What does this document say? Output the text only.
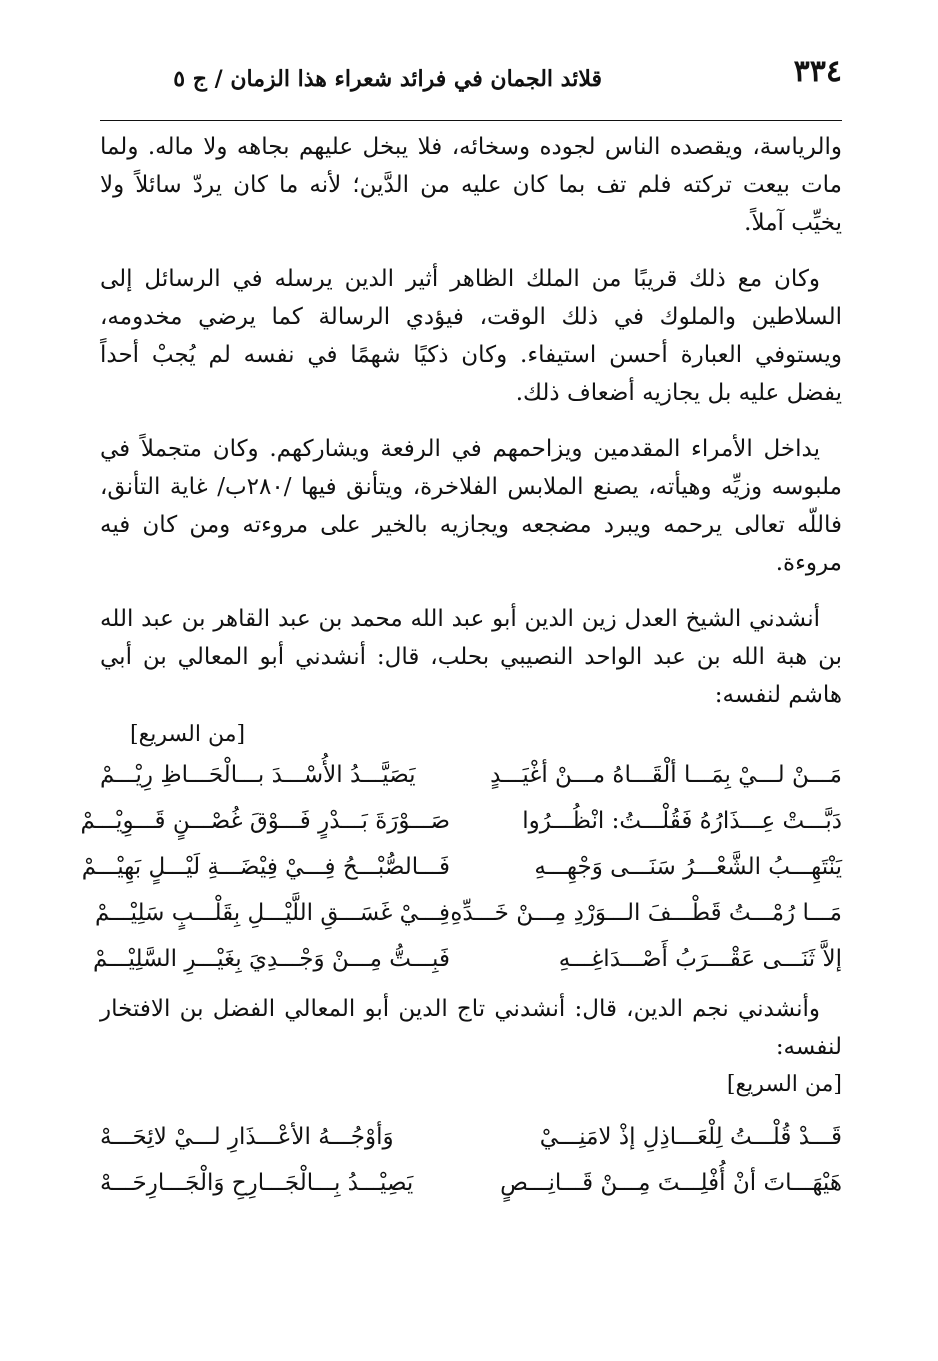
٣٣٤
قلائد الجمان في فرائد شعراء هذا الزمان / ج ٥

والرياسة، ويقصده الناس لجوده وسخائه، فلا يبخل عليهم بجاهه ولا ماله. ولما مات بيعت تركته فلم تف بما كان عليه من الدَّين؛ لأنه ما كان يردّ سائلاً ولا يخيِّب آملاً.

وكان مع ذلك قريبًا من الملك الظاهر أثير الدين يرسله في الرسائل إلى السلاطين والملوك في ذلك الوقت، فيؤدي الرسالة كما يرضي مخدومه، ويستوفي العبارة أحسن استيفاء. وكان ذكيًا شهمًا في نفسه لم يُجبْ أحداً يفضل عليه بل يجازيه أضعاف ذلك.

يداخل الأمراء المقدمين ويزاحمهم في الرفعة ويشاركهم. وكان متجملاً في ملبوسه وزيِّه وهيأته، يصنع الملابس الفلاخرة، ويتأنق فيها /٢٨٠ب/ غاية التأنق، فاللّه تعالى يرحمه ويبرد مضجعه ويجازيه بالخير على مروءته ومن كان فيه مروءة.

أنشدني الشيخ العدل زين الدين أبو عبد الله محمد بن عبد القاهر بن عبد الله بن هبة الله بن عبد الواحد النصيبي بحلب، قال: أنشدني أبو المعالي بن أبي هاشم لنفسه:

[من السريع]

مَـــنْ لـــيْ بِمَـــا ألْقَـــاهُ مـــنْ أغْيَـــدٍ
يَصَيَّـــدُ الأُسْـــدَ بـــالْحَـــاظِ رِيْـــمْ
دَبَّـــتْ عِـــذَارُهُ فَقُلْـــتُ: انْظُـــرُوا
صَـــوْرَةَ بَـــدْرٍ فَـــوْقَ غُصْـــنٍ قَـــوِيْـــمْ
يَنْتَهِـــبُ الشَّعْـــرُ سَنَـــى وَجْهِـــهِ
فَـــالصُّبْـــحُ فِـــيْ فِيْضَـــةِ لَيْـــلٍ بَهِيْـــمْ
مَـــا رُمْـــتُ قَطْـــفَ الـــوَرْدِ مِـــنْ خَـــدِّهِ
فِـــيْ غَسَـــقِ اللَّيْـــلِ بِقَلْـــبٍ سَلِيْـــمْ
إلاَّ ثَنَـــى عَقْـــرَبُ أَصْـــدَاغِـــهِ
فَبِـــتُّ مِـــنْ وَجْـــدِيَ بِغَيْـــرِ السَّلِيْـــمْ

وأنشدني نجم الدين، قال: أنشدني تاج الدين أبو المعالي الفضل بن الافتخار لنفسه:

[من السريع]

قَـــدْ قُلْـــتُ لِلْعَـــاذِلِ إذْ لامَنِـــيْ
وَأوْجُـــهُ الأعْـــذَارِ لـــيْ لائِحَـــهْ
هَيْهَـــاتَ أنْ أُفْلِـــتَ مِـــنْ قَـــانِـــصٍ
يَصِيْـــدُ بِـــالْجَـــارِحِ وَالْجَـــارِحَـــهْ
